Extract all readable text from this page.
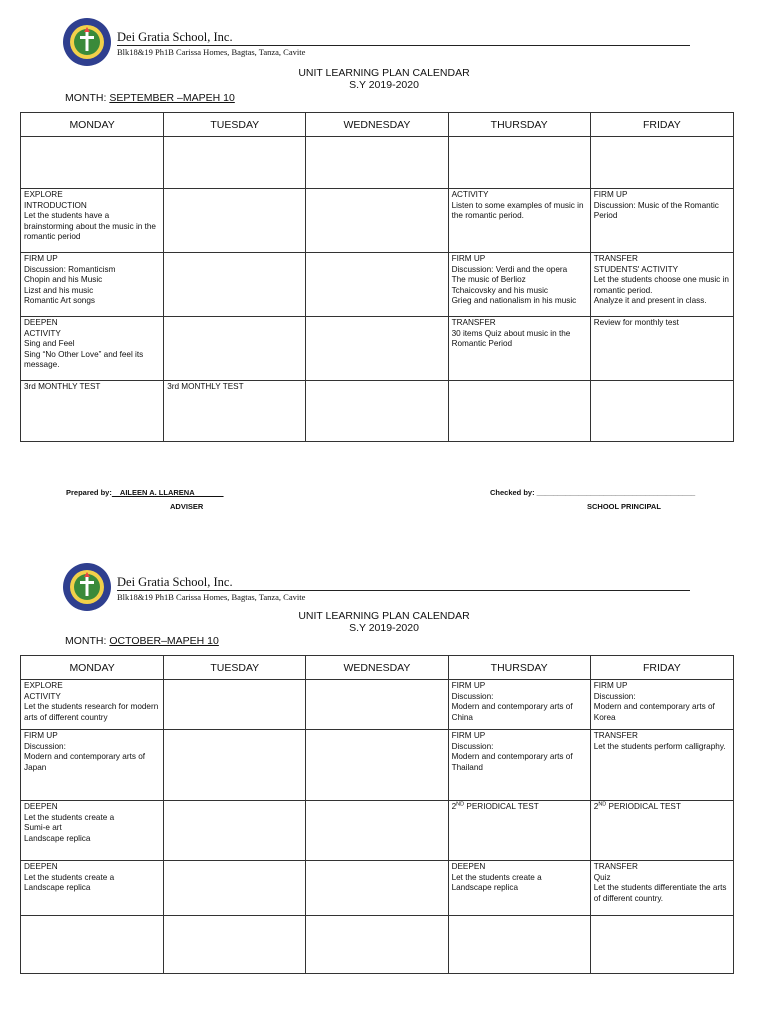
Dei Gratia School, Inc.
Blk18&19 Ph1B Carissa Homes, Bagtas, Tanza, Cavite
UNIT LEARNING PLAN CALENDAR
S.Y 2019-2020
MONTH: SEPTEMBER –MAPEH 10
MONDAY	TUESDAY	WEDNESDAY	THURSDAY	FRIDAY

EXPLORE
INTRODUCTION
Let the students have a brainstorming about the music in the romantic period			ACTIVITY
Listen to some examples of music in the romantic period.	FIRM UP
Discussion: Music of the Romantic Period

FIRM UP
Discussion: Romanticism
Chopin and his Music
Lizst and his music
Romantic Art songs			FIRM UP
Discussion: Verdi and the opera
The music of Berlioz
Tchaicovsky and his music
Grieg and nationalism in his music	TRANSFER
STUDENTS' ACTIVITY
Let the students choose one music in romantic period.
Analyze it and present in class.

DEEPEN
ACTIVITY
Sing and Feel
Sing “No Other Love” and feel its message.			TRANSFER
30 items Quiz about music in the Romantic Period	Review for monthly test

3rd MONTHLY TEST	3rd MONTHLY TEST			

Prepared by:    AILEEN A. LLARENA
ADVISER
Checked by: ______________________________________
SCHOOL PRINCIPAL
Dei Gratia School, Inc.
Blk18&19 Ph1B Carissa Homes, Bagtas, Tanza, Cavite
UNIT LEARNING PLAN CALENDAR
S.Y 2019-2020
MONTH: OCTOBER–MAPEH 10
MONDAY	TUESDAY	WEDNESDAY	THURSDAY	FRIDAY

EXPLORE
ACTIVITY
Let the students research for modern arts of different country			FIRM UP
Discussion:
Modern and contemporary arts of China	FIRM UP
Discussion:
Modern and contemporary arts of Korea

FIRM UP
Discussion:
Modern and contemporary arts of Japan			FIRM UP
Discussion:
Modern and contemporary arts of Thailand	TRANSFER
Let the students perform calligraphy.

DEEPEN
Let the students create a
Sumi-e art
Landscape replica			2ND PERIODICAL TEST	2ND PERIODICAL TEST

DEEPEN
Let the students create a
Landscape replica			DEEPEN
Let the students create a
Landscape replica	TRANSFER
Quiz
Let the students differentiate the arts of different country.
